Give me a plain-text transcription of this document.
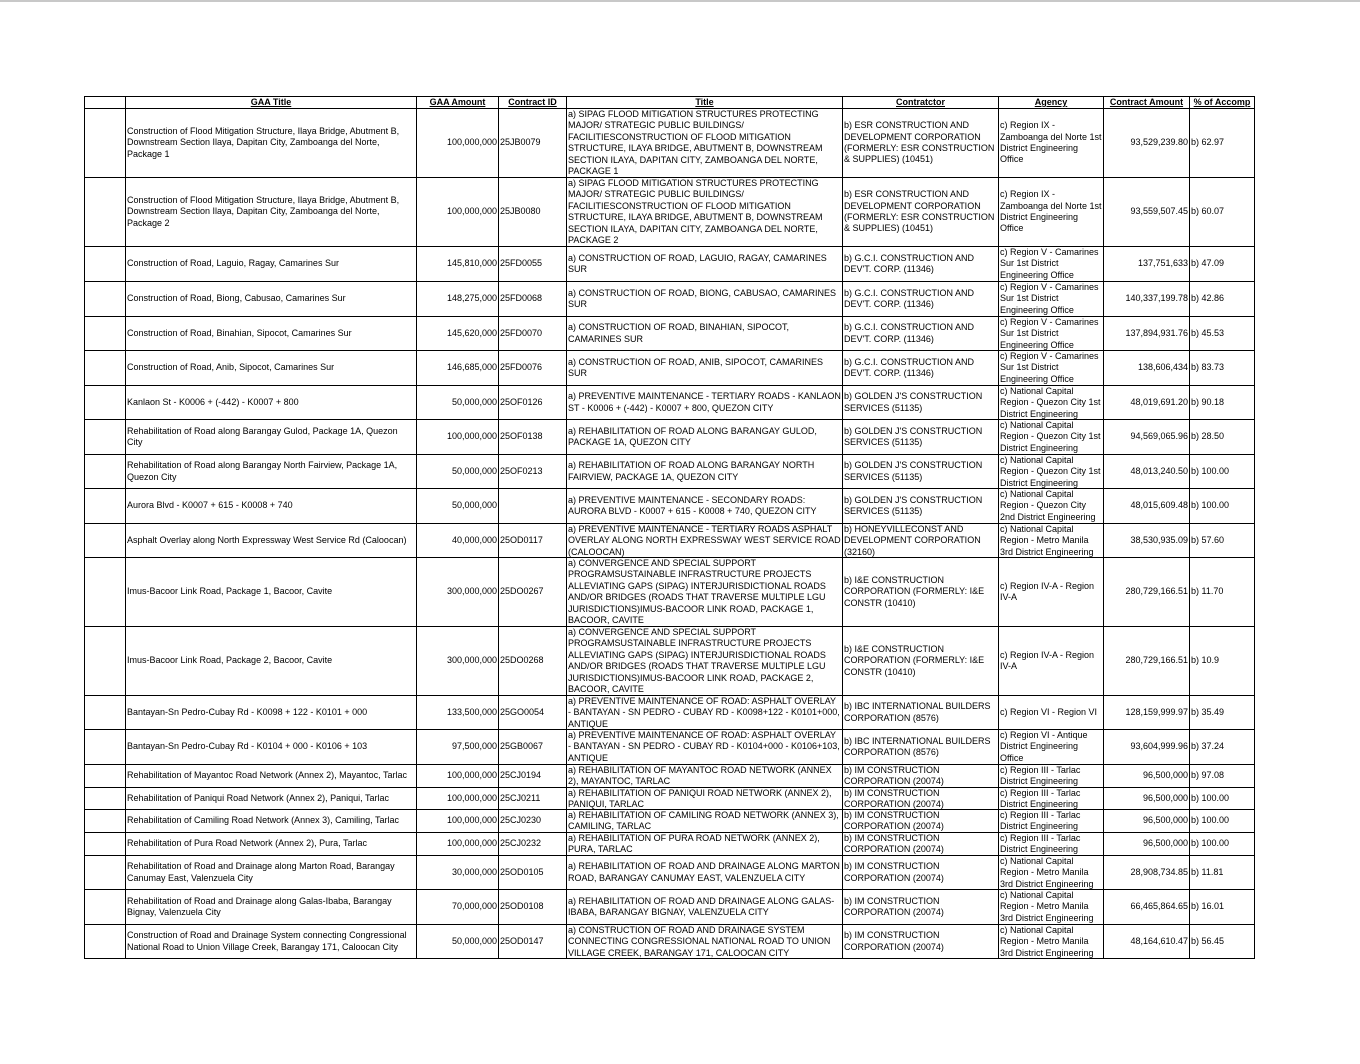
	GAA Title	GAA Amount	Contract ID	Title	Contratctor	Agency	Contract Amount	% of Accomp

	Construction of Flood Mitigation Structure, Ilaya Bridge, Abutment B, Downstream Section Ilaya, Dapitan City, Zamboanga del Norte, Package 1	100,000,000	25JB0079	a) SIPAG FLOOD MITIGATION STRUCTURES PROTECTING MAJOR/ STRATEGIC PUBLIC BUILDINGS/ FACILITIESCONSTRUCTION OF FLOOD MITIGATION STRUCTURE, ILAYA BRIDGE, ABUTMENT B, DOWNSTREAM SECTION ILAYA, DAPITAN CITY, ZAMBOANGA DEL NORTE, PACKAGE 1	b) ESR CONSTRUCTION AND DEVELOPMENT CORPORATION (FORMERLY: ESR CONSTRUCTION & SUPPLIES) (10451)	c) Region IX - Zamboanga del Norte 1st District Engineering Office	93,529,239.80	b) 62.97

	Construction of Flood Mitigation Structure, Ilaya Bridge, Abutment B, Downstream Section Ilaya, Dapitan City, Zamboanga del Norte, Package 2	100,000,000	25JB0080	a) SIPAG FLOOD MITIGATION STRUCTURES PROTECTING MAJOR/ STRATEGIC PUBLIC BUILDINGS/ FACILITIESCONSTRUCTION OF FLOOD MITIGATION STRUCTURE, ILAYA BRIDGE, ABUTMENT B, DOWNSTREAM SECTION ILAYA, DAPITAN CITY, ZAMBOANGA DEL NORTE, PACKAGE 2	b) ESR CONSTRUCTION AND DEVELOPMENT CORPORATION (FORMERLY: ESR CONSTRUCTION & SUPPLIES) (10451)	c) Region IX - Zamboanga del Norte 1st District Engineering Office	93,559,507.45	b) 60.07

	Construction of Road, Laguio, Ragay, Camarines Sur	145,810,000	25FD0055	a) CONSTRUCTION OF ROAD, LAGUIO, RAGAY, CAMARINES SUR	b) G.C.I. CONSTRUCTION AND DEV'T. CORP. (11346)	c) Region V - Camarines Sur 1st District Engineering Office	137,751,633	b) 47.09

	Construction of Road, Biong, Cabusao, Camarines Sur	148,275,000	25FD0068	a) CONSTRUCTION OF ROAD, BIONG, CABUSAO, CAMARINES SUR	b) G.C.I. CONSTRUCTION AND DEV'T. CORP. (11346)	c) Region V - Camarines Sur 1st District Engineering Office	140,337,199.78	b) 42.86

	Construction of Road, Binahian, Sipocot, Camarines Sur	145,620,000	25FD0070	a) CONSTRUCTION OF ROAD, BINAHIAN, SIPOCOT, CAMARINES SUR	b) G.C.I. CONSTRUCTION AND DEV'T. CORP. (11346)	c) Region V - Camarines Sur 1st District Engineering Office	137,894,931.76	b) 45.53

	Construction of Road, Anib, Sipocot, Camarines Sur	146,685,000	25FD0076	a) CONSTRUCTION OF ROAD, ANIB, SIPOCOT, CAMARINES SUR	b) G.C.I. CONSTRUCTION AND DEV'T. CORP. (11346)	c) Region V - Camarines Sur 1st District Engineering Office	138,606,434	b) 83.73

	Kanlaon St - K0006 + (-442) - K0007 + 800	50,000,000	25OF0126	a) PREVENTIVE MAINTENANCE - TERTIARY ROADS - KANLAON ST - K0006 + (-442) - K0007 + 800, QUEZON CITY	b) GOLDEN J'S CONSTRUCTION SERVICES (51135)	c) National Capital Region - Quezon City 1st District Engineering	48,019,691.20	b) 90.18

	Rehabilitation of Road along Barangay Gulod, Package 1A, Quezon City	100,000,000	25OF0138	a) REHABILITATION OF ROAD ALONG BARANGAY GULOD, PACKAGE 1A, QUEZON CITY	b) GOLDEN J'S CONSTRUCTION SERVICES (51135)	c) National Capital Region - Quezon City 1st District Engineering	94,569,065.96	b) 28.50

	Rehabilitation of Road along Barangay North Fairview, Package 1A, Quezon City	50,000,000	25OF0213	a) REHABILITATION OF ROAD ALONG BARANGAY NORTH FAIRVIEW, PACKAGE 1A, QUEZON CITY	b) GOLDEN J'S CONSTRUCTION SERVICES (51135)	c) National Capital Region - Quezon City 1st District Engineering	48,013,240.50	b) 100.00

	Aurora Blvd - K0007 + 615 - K0008 + 740	50,000,000		a) PREVENTIVE MAINTENANCE - SECONDARY ROADS: AURORA BLVD - K0007 + 615 - K0008 + 740, QUEZON CITY	b) GOLDEN J'S CONSTRUCTION SERVICES (51135)	c) National Capital Region - Quezon City 2nd District Engineering	48,015,609.48	b) 100.00

	Asphalt Overlay along North Expressway West Service Rd (Caloocan)	40,000,000	25OD0117	a) PREVENTIVE MAINTENANCE - TERTIARY ROADS ASPHALT OVERLAY ALONG NORTH EXPRESSWAY WEST SERVICE ROAD (CALOOCAN)	b) HONEYVILLECONST AND DEVELOPMENT CORPORATION (32160)	c) National Capital Region - Metro Manila 3rd District Engineering	38,530,935.09	b) 57.60

	Imus-Bacoor Link Road, Package 1, Bacoor, Cavite	300,000,000	25DO0267	a) CONVERGENCE AND SPECIAL SUPPORT PROGRAMSUSTAINABLE INFRASTRUCTURE PROJECTS ALLEVIATING GAPS (SIPAG) INTERJURISDICTIONAL ROADS AND/OR BRIDGES (ROADS THAT TRAVERSE MULTIPLE LGU JURISDICTIONS)IMUS-BACOOR LINK ROAD, PACKAGE 1, BACOOR, CAVITE	b) I&E CONSTRUCTION CORPORATION (FORMERLY: I&E CONSTR (10410)	c) Region IV-A - Region IV-A	280,729,166.51	b) 11.70

	Imus-Bacoor Link Road, Package 2, Bacoor, Cavite	300,000,000	25DO0268	a) CONVERGENCE AND SPECIAL SUPPORT PROGRAMSUSTAINABLE INFRASTRUCTURE PROJECTS ALLEVIATING GAPS (SIPAG) INTERJURISDICTIONAL ROADS AND/OR BRIDGES (ROADS THAT TRAVERSE MULTIPLE LGU JURISDICTIONS)IMUS-BACOOR LINK ROAD, PACKAGE 2, BACOOR, CAVITE	b) I&E CONSTRUCTION CORPORATION (FORMERLY: I&E CONSTR (10410)	c) Region IV-A - Region IV-A	280,729,166.51	b) 10.9

	Bantayan-Sn Pedro-Cubay Rd - K0098 + 122 - K0101 + 000	133,500,000	25GO0054	a) PREVENTIVE MAINTENANCE OF ROAD: ASPHALT OVERLAY - BANTAYAN - SN PEDRO - CUBAY RD - K0098+122 - K0101+000, ANTIQUE	b) IBC INTERNATIONAL BUILDERS CORPORATION (8576)	c) Region VI - Region VI	128,159,999.97	b) 35.49

	Bantayan-Sn Pedro-Cubay Rd - K0104 + 000 - K0106 + 103	97,500,000	25GB0067	a) PREVENTIVE MAINTENANCE OF ROAD: ASPHALT OVERLAY - BANTAYAN - SN PEDRO - CUBAY RD - K0104+000 - K0106+103, ANTIQUE	b) IBC INTERNATIONAL BUILDERS CORPORATION (8576)	c) Region VI - Antique District Engineering Office	93,604,999.96	b) 37.24

	Rehabilitation of Mayantoc Road Network (Annex 2), Mayantoc, Tarlac	100,000,000	25CJ0194	a) REHABILITATION OF MAYANTOC ROAD NETWORK (ANNEX 2), MAYANTOC, TARLAC	b) IM CONSTRUCTION CORPORATION (20074)	c) Region III - Tarlac District Engineering	96,500,000	b) 97.08

	Rehabilitation of Paniqui Road Network (Annex 2), Paniqui, Tarlac	100,000,000	25CJ0211	a) REHABILITATION OF PANIQUI ROAD NETWORK (ANNEX 2), PANIQUI, TARLAC	b) IM CONSTRUCTION CORPORATION (20074)	c) Region III - Tarlac District Engineering	96,500,000	b) 100.00

	Rehabilitation of Camiling Road Network (Annex 3), Camiling, Tarlac	100,000,000	25CJ0230	a) REHABILITATION OF CAMILING ROAD NETWORK (ANNEX 3), CAMILING, TARLAC	b) IM CONSTRUCTION CORPORATION (20074)	c) Region III - Tarlac District Engineering	96,500,000	b) 100.00

	Rehabilitation of Pura Road Network (Annex 2), Pura, Tarlac	100,000,000	25CJ0232	a) REHABILITATION OF PURA ROAD NETWORK (ANNEX 2), PURA, TARLAC	b) IM CONSTRUCTION CORPORATION (20074)	c) Region III - Tarlac District Engineering	96,500,000	b) 100.00

	Rehabilitation of Road and Drainage along Marton Road, Barangay Canumay East, Valenzuela City	30,000,000	25OD0105	a) REHABILITATION OF ROAD AND DRAINAGE ALONG MARTON ROAD, BARANGAY CANUMAY EAST, VALENZUELA CITY	b) IM CONSTRUCTION CORPORATION (20074)	c) National Capital Region - Metro Manila 3rd District Engineering	28,908,734.85	b) 11.81

	Rehabilitation of Road and Drainage along Galas-Ibaba, Barangay Bignay, Valenzuela City	70,000,000	25OD0108	a) REHABILITATION OF ROAD AND DRAINAGE ALONG GALAS-IBABA, BARANGAY BIGNAY, VALENZUELA CITY	b) IM CONSTRUCTION CORPORATION (20074)	c) National Capital Region - Metro Manila 3rd District Engineering	66,465,864.65	b) 16.01

	Construction of Road and Drainage System connecting Congressional National Road to Union Village Creek, Barangay 171, Caloocan City	50,000,000	25OD0147	a) CONSTRUCTION OF ROAD AND DRAINAGE SYSTEM CONNECTING CONGRESSIONAL NATIONAL ROAD TO UNION VILLAGE CREEK, BARANGAY 171, CALOOCAN CITY	b) IM CONSTRUCTION CORPORATION (20074)	c) National Capital Region - Metro Manila 3rd District Engineering	48,164,610.47	b) 56.45
